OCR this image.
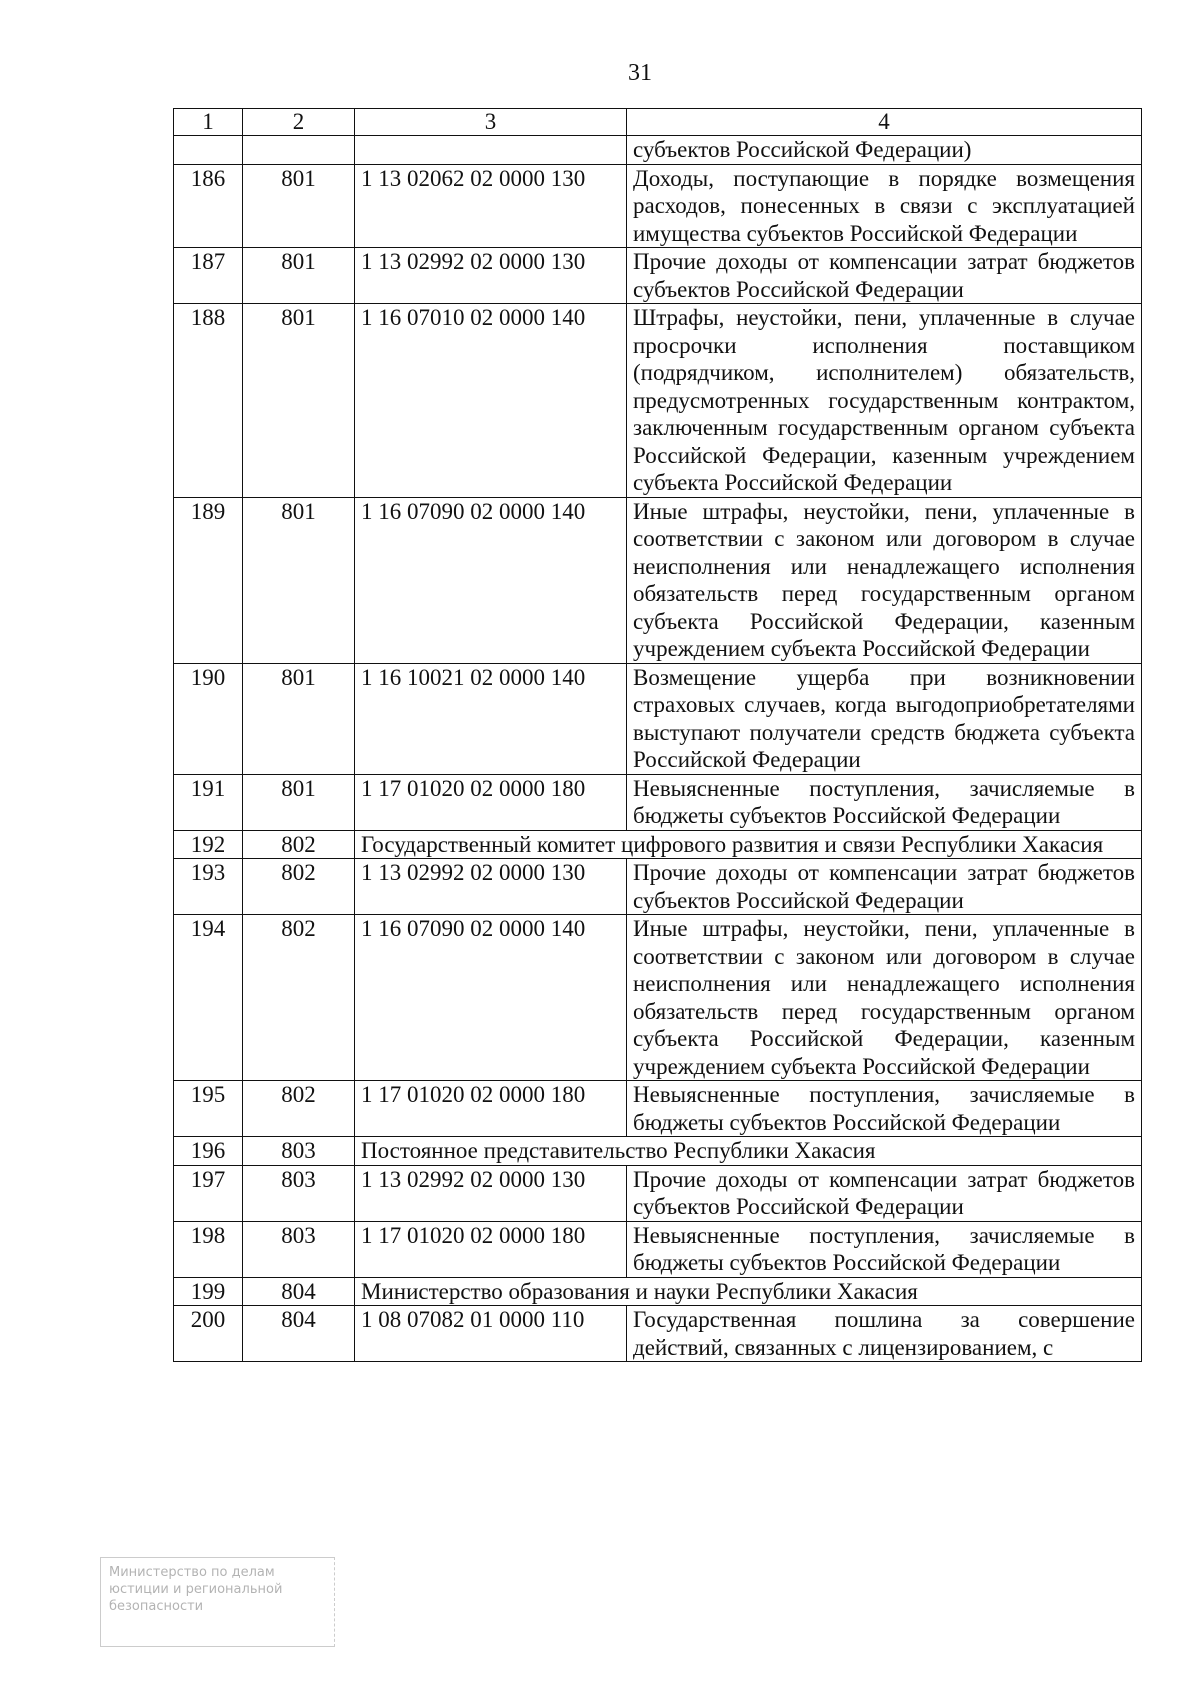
31
1	2	3	4
			субъектов Российской Федерации)
186	801	1 13 02062 02 0000 130	Доходы, поступающие в порядке возмещения расходов, понесенных в связи с эксплуатацией имущества субъектов Российской Федерации
187	801	1 13 02992 02 0000 130	Прочие доходы от компенсации затрат бюджетов субъектов Российской Федерации
188	801	1 16 07010 02 0000 140	Штрафы, неустойки, пени, уплаченные в случае просрочки исполнения поставщиком (подрядчиком, исполнителем) обязательств, предусмотренных государственным контрактом, заключенным государственным органом субъекта Российской Федерации, казенным учреждением субъекта Российской Федерации
189	801	1 16 07090 02 0000 140	Иные штрафы, неустойки, пени, уплаченные в соответствии с законом или договором в случае неисполнения или ненадлежащего исполнения обязательств перед государственным органом субъекта Российской Федерации, казенным учреждением субъекта Российской Федерации
190	801	1 16 10021 02 0000 140	Возмещение ущерба при возникновении страховых случаев, когда выгодоприобретателями выступают получатели средств бюджета субъекта Российской Федерации
191	801	1 17 01020 02 0000 180	Невыясненные поступления, зачисляемые в бюджеты субъектов Российской Федерации
192	802	Государственный комитет цифрового развития и связи Республики Хакасия	
193	802	1 13 02992 02 0000 130	Прочие доходы от компенсации затрат бюджетов субъектов Российской Федерации
194	802	1 16 07090 02 0000 140	Иные штрафы, неустойки, пени, уплаченные в соответствии с законом или договором в случае неисполнения или ненадлежащего исполнения обязательств перед государственным органом субъекта Российской Федерации, казенным учреждением субъекта Российской Федерации
195	802	1 17 01020 02 0000 180	Невыясненные поступления, зачисляемые в бюджеты субъектов Российской Федерации
196	803	Постоянное представительство Республики Хакасия	
197	803	1 13 02992 02 0000 130	Прочие доходы от компенсации затрат бюджетов субъектов Российской Федерации
198	803	1 17 01020 02 0000 180	Невыясненные поступления, зачисляемые в бюджеты субъектов Российской Федерации
199	804	Министерство образования и науки Республики Хакасия	
200	804	1 08 07082 01 0000 110	Государственная пошлина за совершение действий, связанных с лицензированием, с
Министерство по делам
юстиции и региональной
безопасности
